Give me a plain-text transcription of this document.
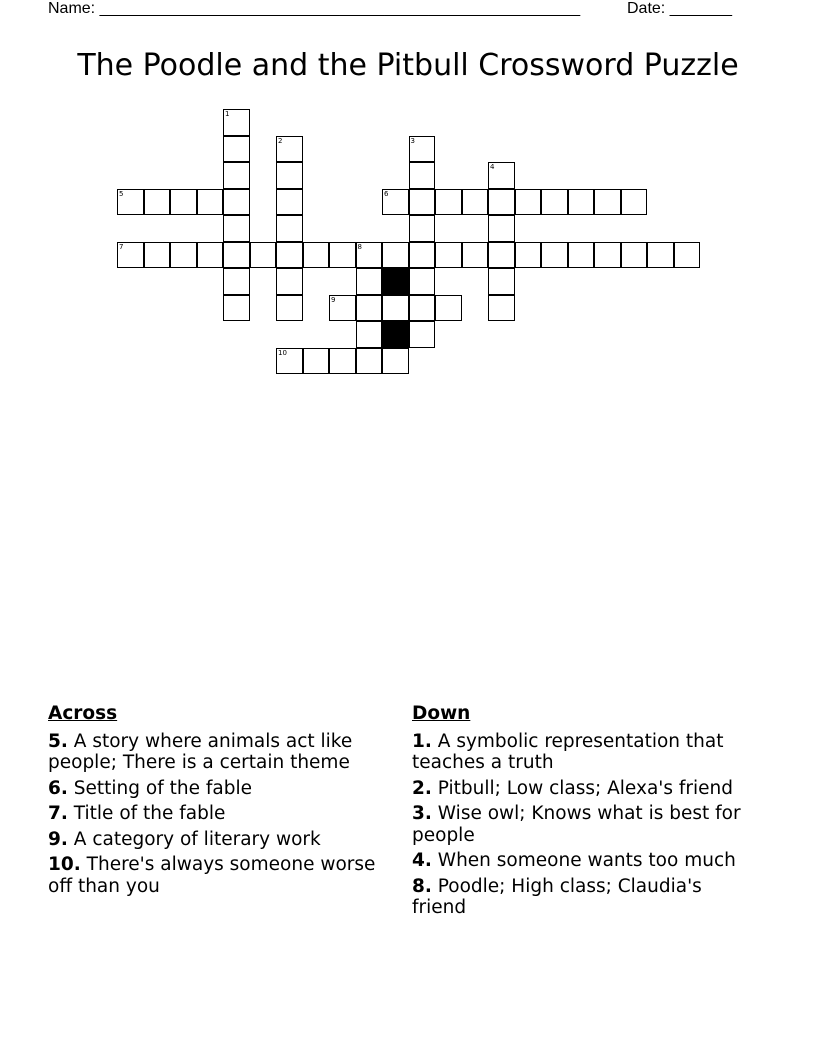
Name: ______________________________________________________	Date: _______
The Poodle and the Pitbull Crossword Puzzle
1
2	3
4
5	6
7	8
9
10
Across
5. A story where animals act like people; There is a certain theme
6. Setting of the fable
7. Title of the fable
9. A category of literary work
10. There's always someone worse off than you
Down
1. A symbolic representation that teaches a truth
2. Pitbull; Low class; Alexa's friend
3. Wise owl; Knows what is best for people
4. When someone wants too much
8. Poodle; High class; Claudia's friend
